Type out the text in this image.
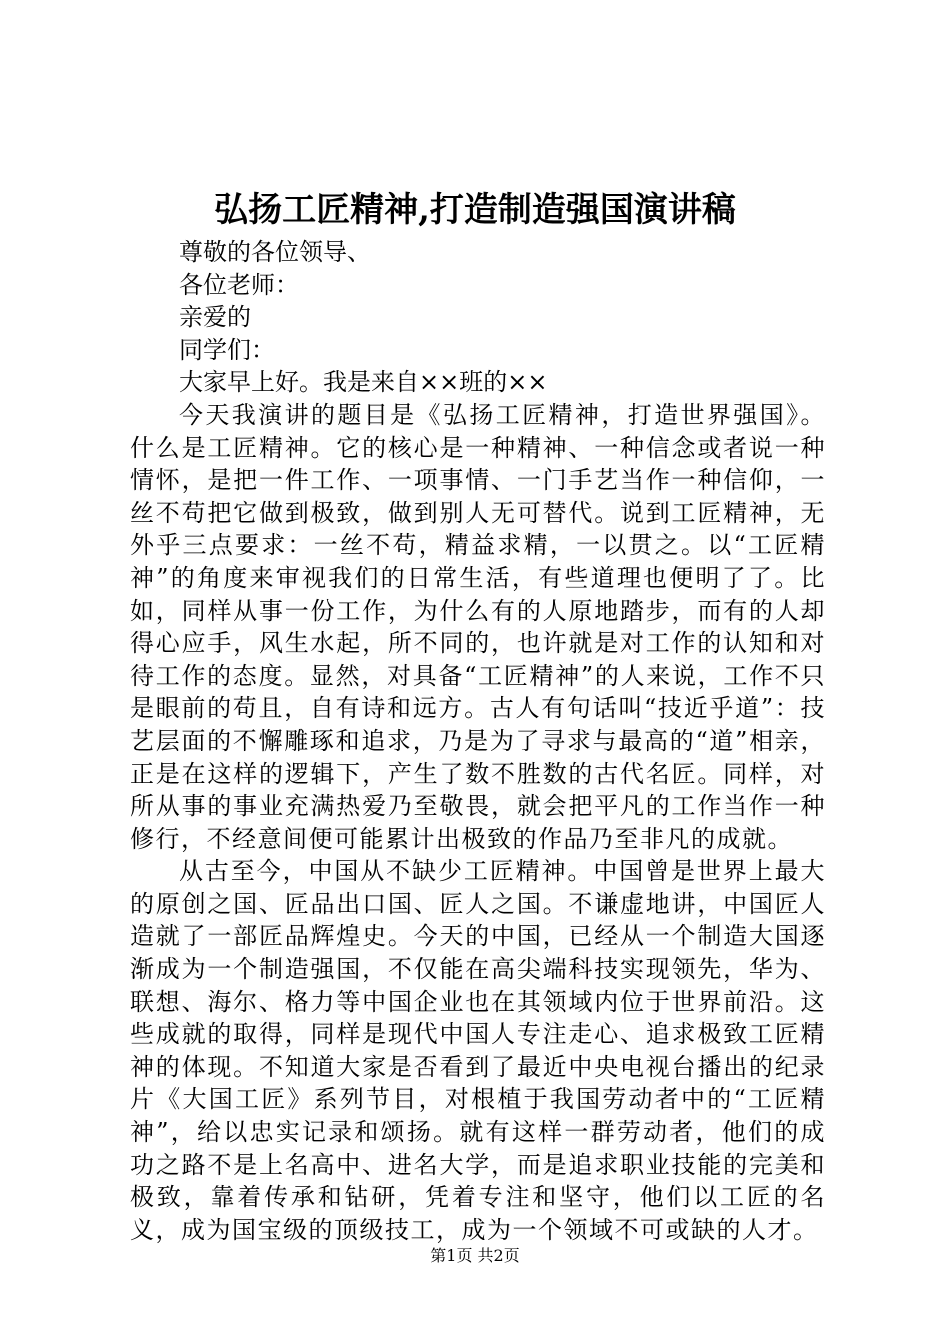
弘扬工匠精神,打造制造强国演讲稿

尊敬的各位领导、

各位老师：

亲爱的

同学们：

大家早上好。我是来自××班的××

今天我演讲的题目是《弘扬工匠精神，打造世界强国》。什么是工匠精神。它的核心是一种精神、一种信念或者说一种情怀，是把一件工作、一项事情、一门手艺当作一种信仰，一丝不苟把它做到极致，做到别人无可替代。说到工匠精神，无外乎三点要求：一丝不苟，精益求精，一以贯之。以“工匠精神”的角度来审视我们的日常生活，有些道理也便明了了。比如，同样从事一份工作，为什么有的人原地踏步，而有的人却得心应手，风生水起，所不同的，也许就是对工作的认知和对待工作的态度。显然，对具备“工匠精神”的人来说，工作不只是眼前的苟且，自有诗和远方。古人有句话叫“技近乎道”：技艺层面的不懈雕琢和追求，乃是为了寻求与最高的“道”相亲，正是在这样的逻辑下，产生了数不胜数的古代名匠。同样，对所从事的事业充满热爱乃至敬畏，就会把平凡的工作当作一种修行，不经意间便可能累计出极致的作品乃至非凡的成就。

从古至今，中国从不缺少工匠精神。中国曾是世界上最大的原创之国、匠品出口国、匠人之国。不谦虚地讲，中国匠人造就了一部匠品辉煌史。今天的中国，已经从一个制造大国逐渐成为一个制造强国，不仅能在高尖端科技实现领先，华为、联想、海尔、格力等中国企业也在其领域内位于世界前沿。这些成就的取得，同样是现代中国人专注走心、追求极致工匠精神的体现。不知道大家是否看到了最近中央电视台播出的纪录片《大国工匠》系列节目，对根植于我国劳动者中的“工匠精神”，给以忠实记录和颂扬。就有这样一群劳动者，他们的成功之路不是上名高中、进名大学，而是追求职业技能的完美和极致，靠着传承和钻研，凭着专注和坚守，他们以工匠的名义，成为国宝级的顶级技工，成为一个领域不可或缺的人才。

第1页 共2页
